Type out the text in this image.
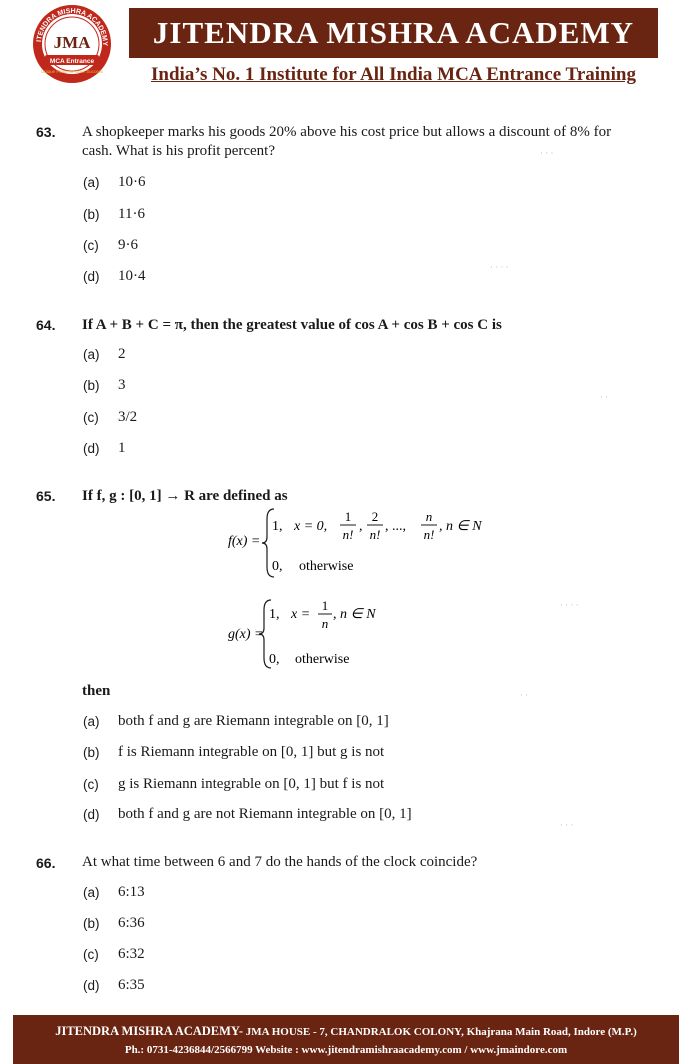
ITENDRA MISHRA ACADEMY
JMA
MCA Entrance
Unique Place for Sure Success
JITENDRA MISHRA ACADEMY
India’s No. 1 Institute for All India MCA Entrance Training
63. A shopkeeper marks his goods 20% above his cost price but allows a discount of 8% for
cash. What is his profit percent?
(a) 10·6
(b) 11·6
(c) 9·6
(d) 10·4
64. If A + B + C = π, then the greatest value of cos A + cos B + cos C is
(a) 2
(b) 3
(c) 3/2
(d) 1
65. If f, g : [0, 1] → R are defined as
f(x) =
1, x = 0,
1
n!
,
2
n!
, ...,
n
n!
, n ∈ N
0, otherwise
g(x) =
1, x =
1
n
, n ∈ N
0, otherwise
then
(a) both f and g are Riemann integrable on [0, 1]
(b) f is Riemann integrable on [0, 1] but g is not
(c) g is Riemann integrable on [0, 1] but f is not
(d) both f and g are not Riemann integrable on [0, 1]
66. At what time between 6 and 7 do the hands of the clock coincide?
(a) 6:13
(b) 6:36
(c) 6:32
(d) 6:35
· · ·
· · · ·
· ·
· · · ·
· ·
· · ·
JITENDRA MISHRA ACADEMY- JMA HOUSE - 7, CHANDRALOK COLONY, Khajrana Main Road, Indore (M.P.)
Ph.: 0731-4236844/2566799 Website : www.jitendramishraacademy.com / www.jmaindore.com
